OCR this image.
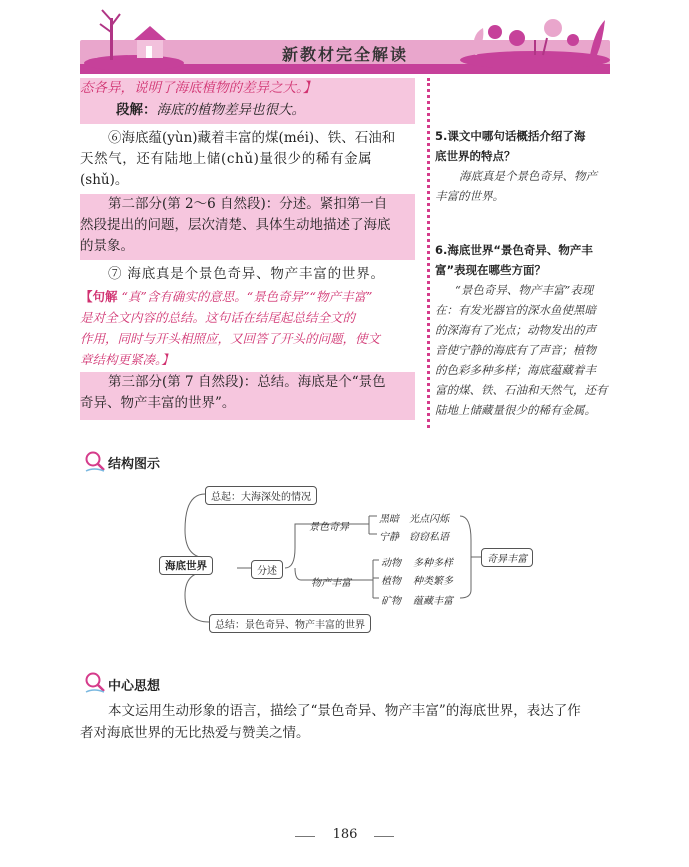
新教材完全解读
态各异，说明了海底植物的差异之大。】
段解：海底的植物差异也很大。
⑥海底蕴(yùn)藏着丰富的煤(méi)、铁、石油和
天然气，还有陆地上储(chǔ)量很少的稀有金属
(shǔ)。
第二部分(第 2～6 自然段)：分述。紧扣第一自
然段提出的问题，层次清楚、具体生动地描述了海底
的景象。
⑦ 海底真是个景色奇异、物产丰富的世界。
【句解 “真”含有确实的意思。“景色奇异”“物产丰富”
是对全文内容的总结。这句话在结尾起总结全文的
作用，同时与开头相照应，又回答了开头的问题，使文
章结构更紧凑。】
第三部分(第 7 自然段)：总结。海底是个“景色
奇异、物产丰富的世界”。
5.课文中哪句话概括介绍了海
底世界的特点？
海底真是个景色奇异、物产
丰富的世界。
6.海底世界“景色奇异、物产丰
富”表现在哪些方面？
“景色奇异、物产丰富”表现
在：有发光器官的深水鱼使黑暗
的深海有了光点；动物发出的声
音使宁静的海底有了声音；植物
的色彩多种多样；海底蕴藏着丰
富的煤、铁、石油和天然气，还有
陆地上储藏量很少的稀有金属。
结构图示
总起：大海深处的情况
海底世界	分述
总结：景色奇异、物产丰富的世界
景色奇异
物产丰富
黑暗 光点闪烁
宁静 窃窃私语
动物 多种多样
植物 种类繁多
矿物 蕴藏丰富
奇异丰富
中心思想
本文运用生动形象的语言，描绘了“景色奇异、物产丰富”的海底世界，表达了作
者对海底世界的无比热爱与赞美之情。
186
